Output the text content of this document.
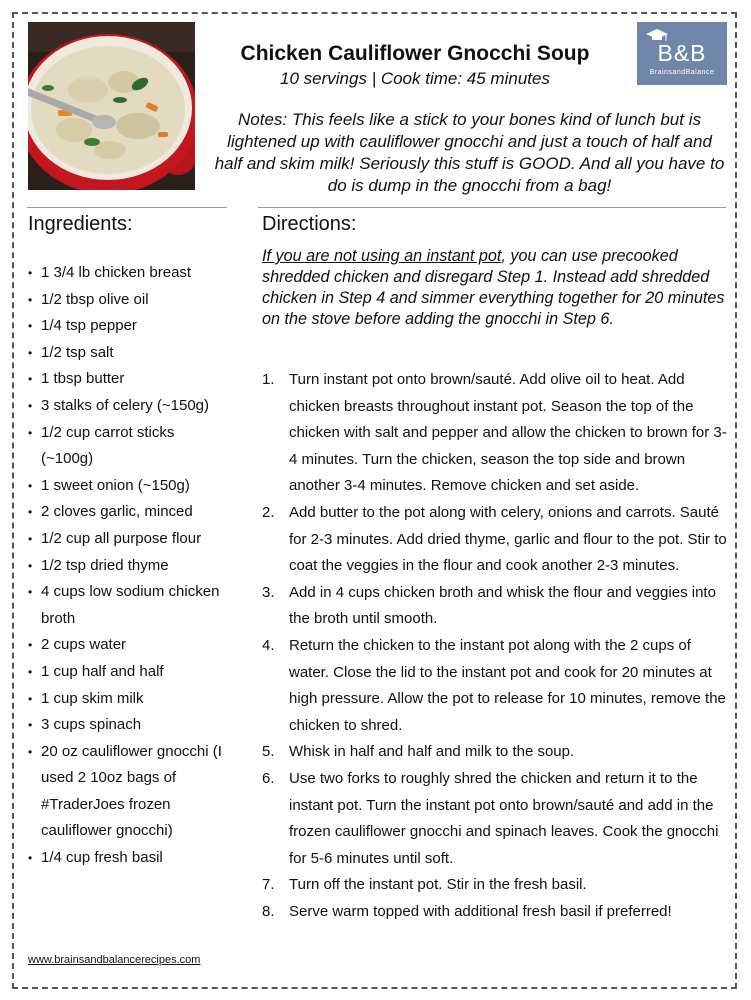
B&B
BrainsandBalance
Chicken Cauliflower Gnocchi Soup
10 servings | Cook time: 45 minutes
Notes: This feels like a stick to your bones kind of lunch but is lightened up with cauliflower gnocchi and just a touch of half and half and skim milk! Seriously this stuff is GOOD. And all you have to do is dump in the gnocchi from a bag!
Ingredients:	Directions:
• 1 3/4 lb chicken breast
• 1/2 tbsp olive oil
• 1/4 tsp pepper
• 1/2 tsp salt
• 1 tbsp butter
• 3 stalks of celery (~150g)
• 1/2 cup carrot sticks (~100g)
• 1 sweet onion (~150g)
• 2 cloves garlic, minced
• 1/2 cup all purpose flour
• 1/2 tsp dried thyme
• 4 cups low sodium chicken broth
• 2 cups water
• 1 cup half and half
• 1 cup skim milk
• 3 cups spinach
• 20 oz cauliflower gnocchi (I used 2 10oz bags of #TraderJoes frozen cauliflower gnocchi)
• 1/4 cup fresh basil
If you are not using an instant pot, you can use precooked shredded chicken and disregard Step 1. Instead add shredded chicken in Step 4 and simmer everything together for 20 minutes on the stove before adding the gnocchi in Step 6.
1. Turn instant pot onto brown/sauté. Add olive oil to heat. Add chicken breasts throughout instant pot. Season the top of the chicken with salt and pepper and allow the chicken to brown for 3-4 minutes. Turn the chicken, season the top side and brown another 3-4 minutes. Remove chicken and set aside.
2. Add butter to the pot along with celery, onions and carrots. Sauté for 2-3 minutes. Add dried thyme, garlic and flour to the pot. Stir to coat the veggies in the flour and cook another 2-3 minutes.
3. Add in 4 cups chicken broth and whisk the flour and veggies into the broth until smooth.
4. Return the chicken to the instant pot along with the 2 cups of water. Close the lid to the instant pot and cook for 20 minutes at high pressure. Allow the pot to release for 10 minutes, remove the chicken to shred.
5. Whisk in half and half and milk to the soup.
6. Use two forks to roughly shred the chicken and return it to the instant pot. Turn the instant pot onto brown/sauté and add in the frozen cauliflower gnocchi and spinach leaves. Cook the gnocchi for 5-6 minutes until soft.
7. Turn off the instant pot. Stir in the fresh basil.
8. Serve warm topped with additional fresh basil if preferred!
www.brainsandbalancerecipes.com
